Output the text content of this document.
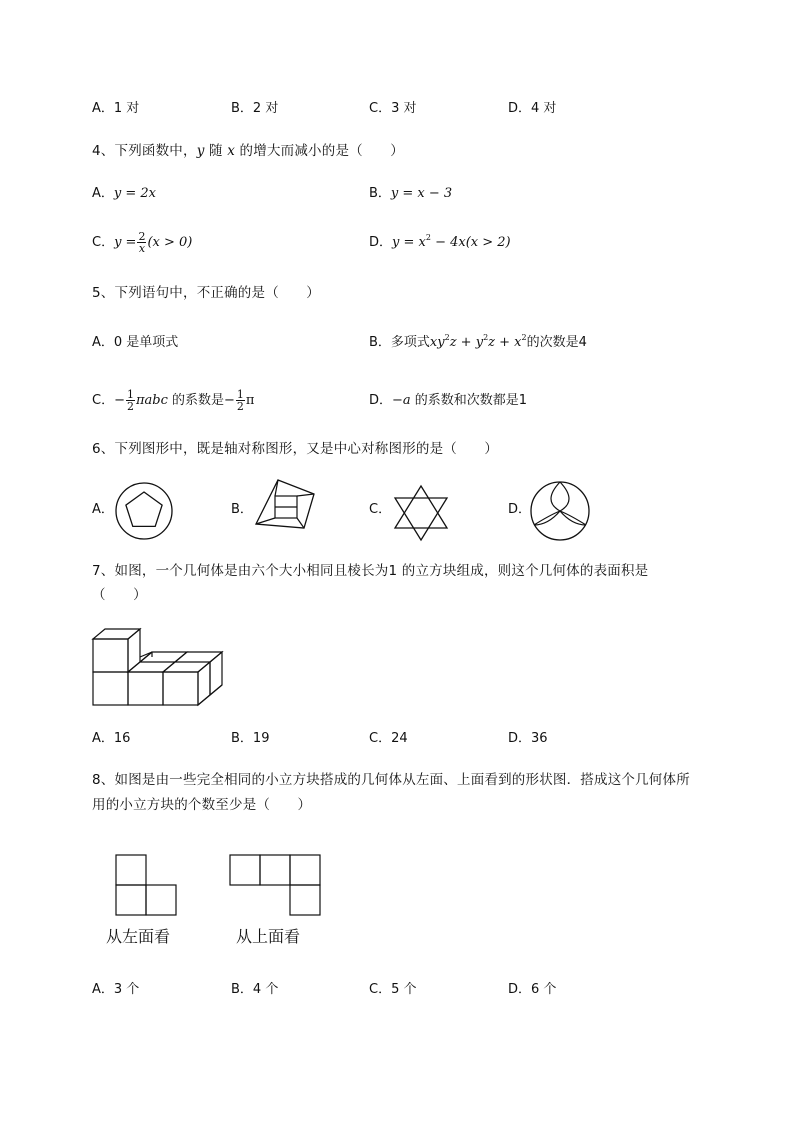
A．1 对	B．2 对	C．3 对	D．4 对
4、下列函数中，y 随 x 的增大而减小的是（　　）
A．y = 2x	B．y = x − 3
C．$y = \frac{2}{x} (x > 0)$	D．$y = x^2 - 4x(x > 2)$
5、下列语句中，不正确的是（　　）
A．0 是单项式	B．多项式$xy^2z + y^2z + x^2$的次数是4
C．− $\frac{1}{2}$ πabc 的系数是− $\frac{1}{2}$ π	D．−a 的系数和次数都是1
6、下列图形中，既是轴对称图形，又是中心对称图形的是（　　）
A．	B．	C．	D．
7、如图，一个几何体是由六个大小相同且棱长为1 的立方块组成，则这个几何体的表面积是
（　　）
A．16	B．19	C．24	D．36
8、如图是由一些完全相同的小立方块搭成的几何体从左面、上面看到的形状图．搭成这个几何体所
用的小立方块的个数至少是（　　）
从左面看	从上面看
A．3 个	B．4 个	C．5 个	D．6 个
